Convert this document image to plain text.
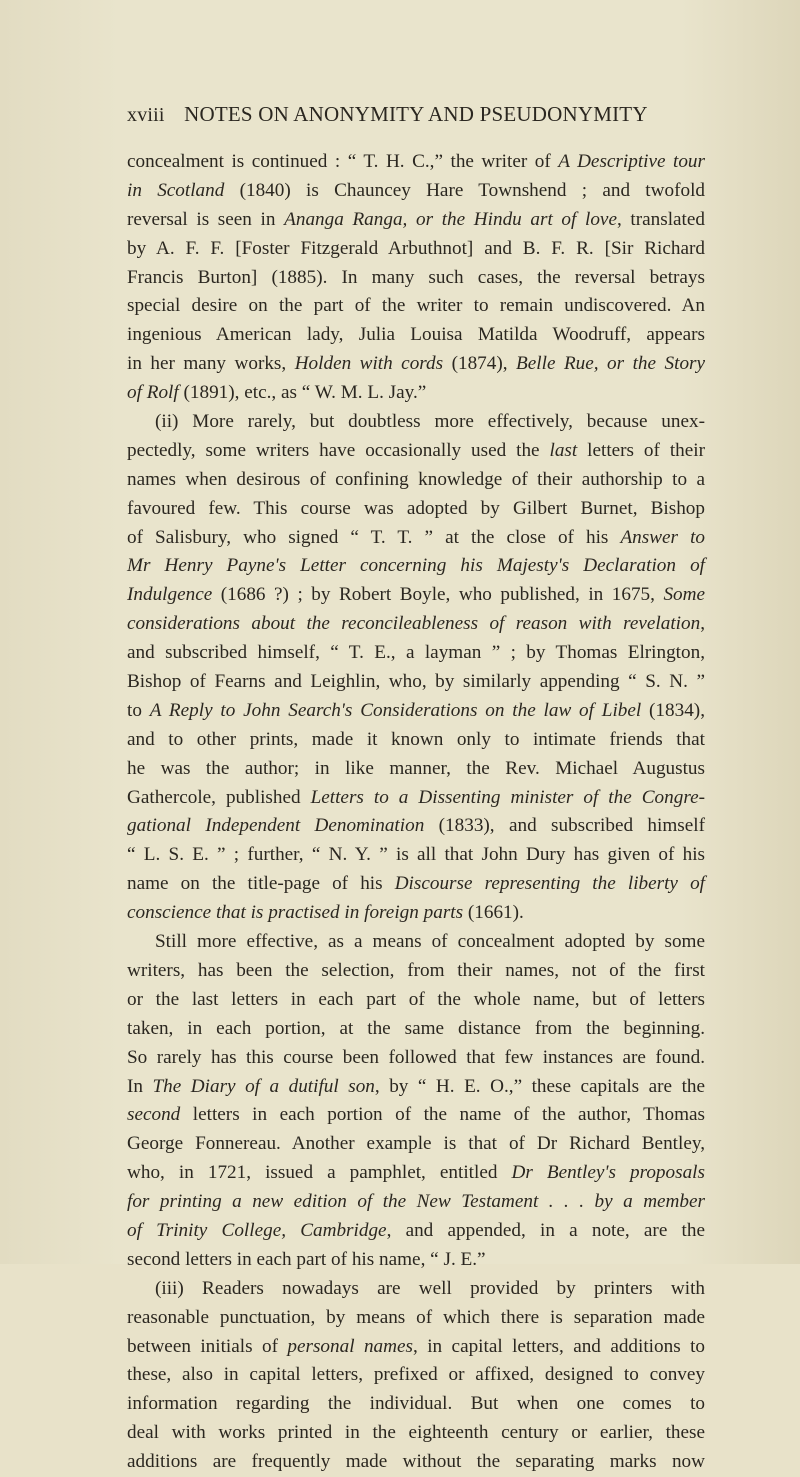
xviii NOTES ON ANONYMITY AND PSEUDONYMITY
concealment is continued : “ T. H. C.,” the writer of A Descriptive tour
in Scotland (1840) is Chauncey Hare Townshend ; and twofold
reversal is seen in Ananga Ranga, or the Hindu art of love, translated
by A. F. F. [Foster Fitzgerald Arbuthnot] and B. F. R. [Sir Richard
Francis Burton] (1885). In many such cases, the reversal betrays
special desire on the part of the writer to remain undiscovered. An
ingenious American lady, Julia Louisa Matilda Woodruff, appears
in her many works, Holden with cords (1874), Belle Rue, or the Story
of Rolf (1891), etc., as “ W. M. L. Jay.”
(ii) More rarely, but doubtless more effectively, because unex-
pectedly, some writers have occasionally used the last letters of their
names when desirous of confining knowledge of their authorship to a
favoured few. This course was adopted by Gilbert Burnet, Bishop
of Salisbury, who signed “ T. T. ” at the close of his Answer to
Mr Henry Payne's Letter concerning his Majesty's Declaration of
Indulgence (1686 ?) ; by Robert Boyle, who published, in 1675, Some
considerations about the reconcileableness of reason with revelation,
and subscribed himself, “ T. E., a layman ” ; by Thomas Elrington,
Bishop of Fearns and Leighlin, who, by similarly appending “ S. N. ”
to A Reply to John Search's Considerations on the law of Libel (1834),
and to other prints, made it known only to intimate friends that
he was the author; in like manner, the Rev. Michael Augustus
Gathercole, published Letters to a Dissenting minister of the Congre-
gational Independent Denomination (1833), and subscribed himself
“ L. S. E. ” ; further, “ N. Y. ” is all that John Dury has given of his
name on the title-page of his Discourse representing the liberty of
conscience that is practised in foreign parts (1661).
Still more effective, as a means of concealment adopted by some
writers, has been the selection, from their names, not of the first
or the last letters in each part of the whole name, but of letters
taken, in each portion, at the same distance from the beginning.
So rarely has this course been followed that few instances are found.
In The Diary of a dutiful son, by “ H. E. O.,” these capitals are the
second letters in each portion of the name of the author, Thomas
George Fonnereau. Another example is that of Dr Richard Bentley,
who, in 1721, issued a pamphlet, entitled Dr Bentley's proposals
for printing a new edition of the New Testament . . . by a member
of Trinity College, Cambridge, and appended, in a note, are the
second letters in each part of his name, “ J. E.”
(iii) Readers nowadays are well provided by printers with
reasonable punctuation, by means of which there is separation made
between initials of personal names, in capital letters, and additions to
these, also in capital letters, prefixed or affixed, designed to convey
information regarding the individual. But when one comes to
deal with works printed in the eighteenth century or earlier, these
additions are frequently made without the separating marks now
